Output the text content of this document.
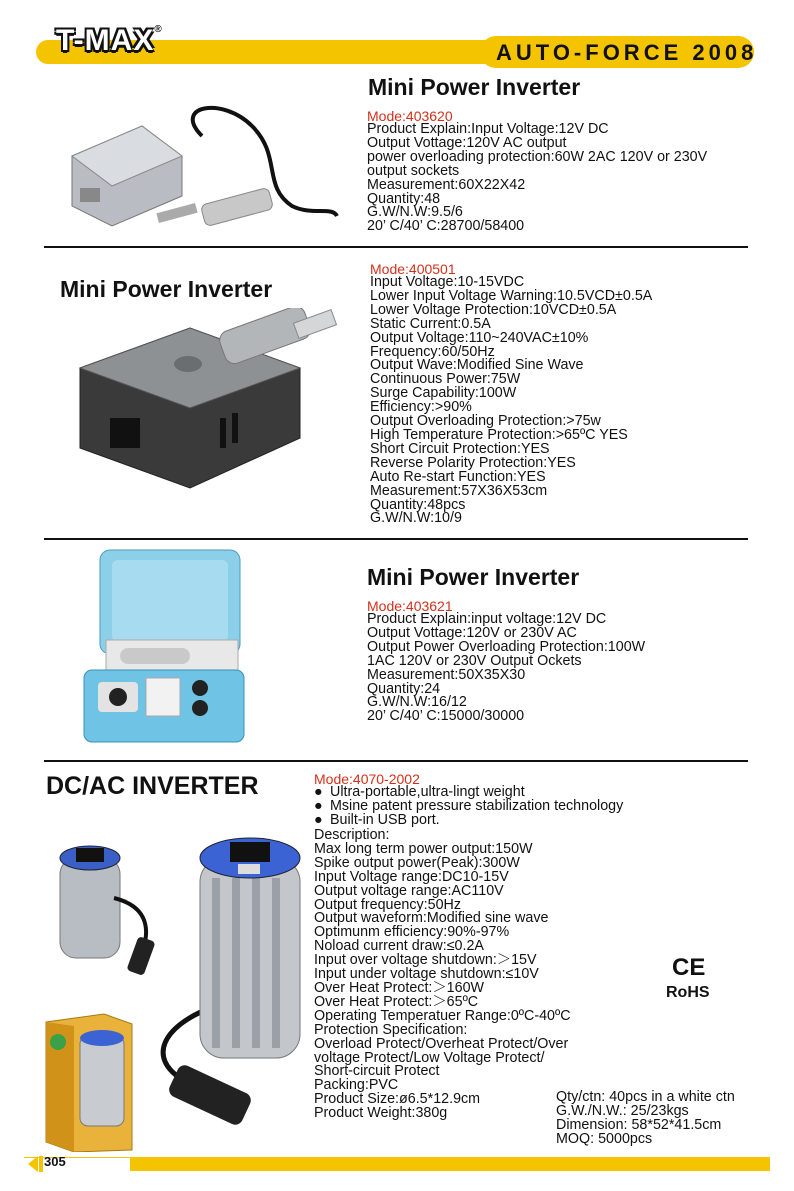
T-MAX®
AUTO-FORCE 2008
Mini Power Inverter
Mode:403620
Product Explain:Input Voltage:12V DC
Output Vottage:120V AC output
power overloading protection:60W 2AC 120V or 230V
output sockets
Measurement:60X22X42
Quantity:48
G.W/N.W:9.5/6
20’ C/40’ C:28700/58400
Mini Power Inverter
Mode:400501
Input Voltage:10-15VDC
Lower Input Voltage Warning:10.5VCD±0.5A
Lower Voltage Protection:10VCD±0.5A
Static Current:0.5A
Output Voltage:110~240VAC±10%
Frequency:60/50Hz
Output Wave:Modified Sine Wave
Continuous Power:75W
Surge Capability:100W
Efficiency:>90%
Output Overloading Protection:>75w
High Temperature Protection:>65ºC YES
Short Circuit Protection:YES
Reverse Polarity Protection:YES
Auto Re-start Function:YES
Measurement:57X36X53cm
Quantity:48pcs
G.W/N.W:10/9
Mini Power Inverter
Mode:403621
Product Explain:input voltage:12V DC
Output Vottage:120V or 230V AC
Output Power Overloading Protection:100W
1AC 120V or 230V Output Ockets
Measurement:50X35X30
Quantity:24
G.W/N.W:16/12
20’ C/40’ C:15000/30000
DC/AC INVERTER	Mode:4070-2002
● Ultra-portable,ultra-lingt weight
● Msine patent pressure stabilization technology
● Built-in USB port.
Description:
Max long term power output:150W
Spike output power(Peak):300W
Input Voltage range:DC10-15V
Output voltage range:AC110V
Output frequency:50Hz
Output waveform:Modified sine wave
Optimunm efficiency:90%-97%
Noload current draw:≤0.2A
Input over voltage shutdown:＞15V
Input under voltage shutdown:≤10V
Over Heat Protect:＞160W
Over Heat Protect:＞65ºC
Operating Temperatuer Range:0ºC-40ºC
Protection Specification:
Overload Protect/Overheat Protect/Over
voltage Protect/Low Voltage Protect/
Short-circuit Protect
Packing:PVC
Product Size:ø6.5*12.9cm
Product Weight:380g
Qty/ctn: 40pcs in a white ctn
G.W./N.W.: 25/23kgs
Dimension: 58*52*41.5cm
MOQ: 5000pcs
CE
RoHS
305
